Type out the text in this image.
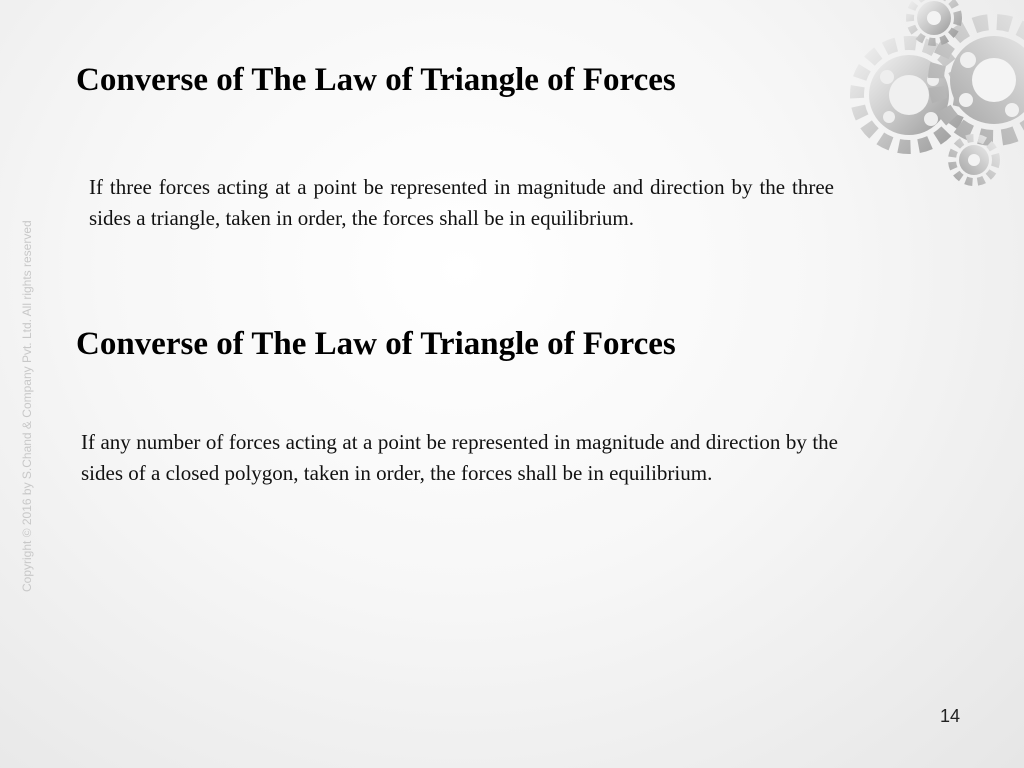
Copyright © 2016 by S.Chand & Company Pvt. Ltd. All rights reserved
Converse of The Law of Triangle of Forces

If three forces acting at a point be represented in magnitude and direction by the three sides a triangle, taken in order, the forces shall be in equilibrium.

Converse of The Law of Triangle of Forces

If any number of forces acting at a point be represented in magnitude and direction by the sides of a closed polygon, taken in order, the forces shall be in equilibrium.

14
